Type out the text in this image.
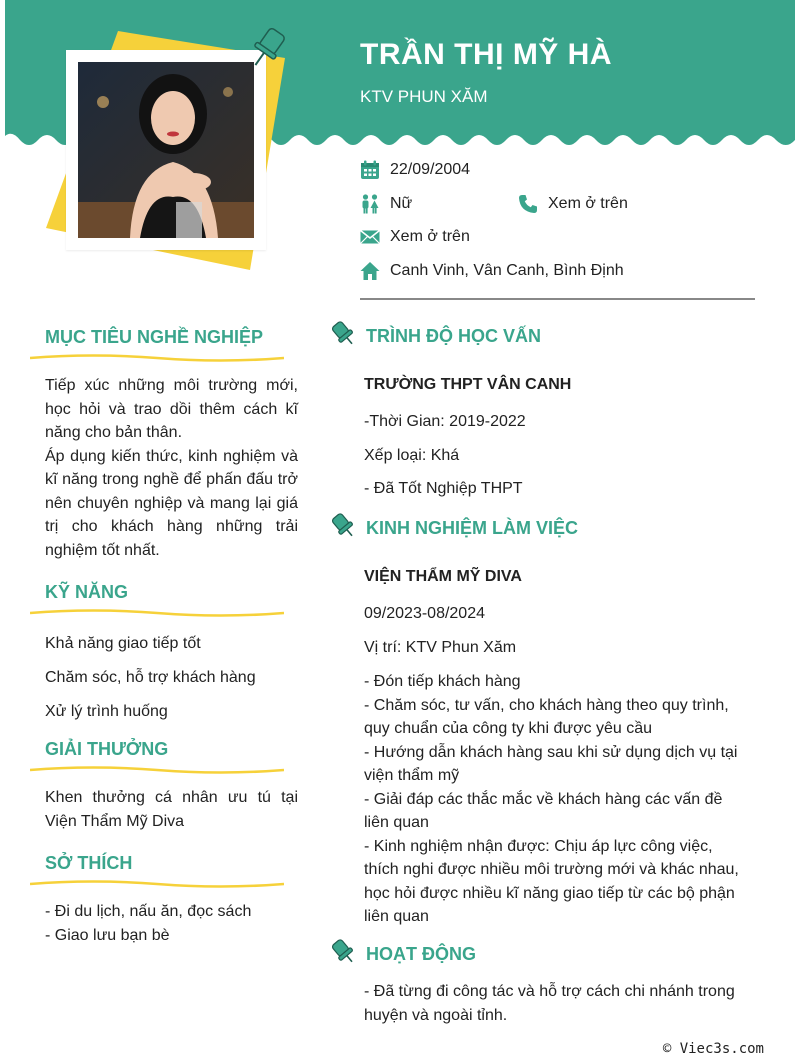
TRẦN THỊ MỸ HÀ
KTV PHUN XĂM
22/09/2004
Nữ	Xem ở trên
Xem ở trên
Canh Vinh, Vân Canh, Bình Định
MỤC TIÊU NGHỀ NGHIỆP
Tiếp xúc những môi trường mới, học hỏi và trao dồi thêm cách kĩ năng cho bản thân.
Áp dụng kiến thức, kinh nghiệm và kĩ năng trong nghề để phấn đấu trở nên chuyên nghiệp và mang lại giá trị cho khách hàng những trải nghiệm tốt nhất.
KỸ NĂNG
Khả năng giao tiếp tốt
Chăm sóc, hỗ trợ khách hàng
Xử lý trình huống
GIẢI THƯỞNG
Khen thưởng cá nhân ưu tú tại Viện Thẩm Mỹ Diva
SỞ THÍCH
- Đi du lịch, nấu ăn, đọc sách
- Giao lưu bạn bè
TRÌNH ĐỘ HỌC VẤN
TRƯỜNG THPT VÂN CANH
-Thời Gian: 2019-2022
Xếp loại: Khá
- Đã Tốt Nghiệp THPT
KINH NGHIỆM LÀM VIỆC
VIỆN THẨM MỸ DIVA
09/2023-08/2024
Vị trí: KTV Phun Xăm
- Đón tiếp khách hàng
- Chăm sóc, tư vấn, cho khách hàng theo quy trình, quy chuẩn của công ty khi được yêu cầu
- Hướng dẫn khách hàng sau khi sử dụng dịch vụ tại viện thẩm mỹ
- Giải đáp các thắc mắc về khách hàng các vấn đề liên quan
- Kinh nghiệm nhận được: Chịu áp lực công việc, thích nghi được nhiều môi trường mới và khác nhau, học hỏi được nhiều kĩ năng giao tiếp từ các bộ phận liên quan
HOẠT ĐỘNG
- Đã từng đi công tác và hỗ trợ cách chi nhánh trong huyện và ngoài tỉnh.
© Viec3s.com
